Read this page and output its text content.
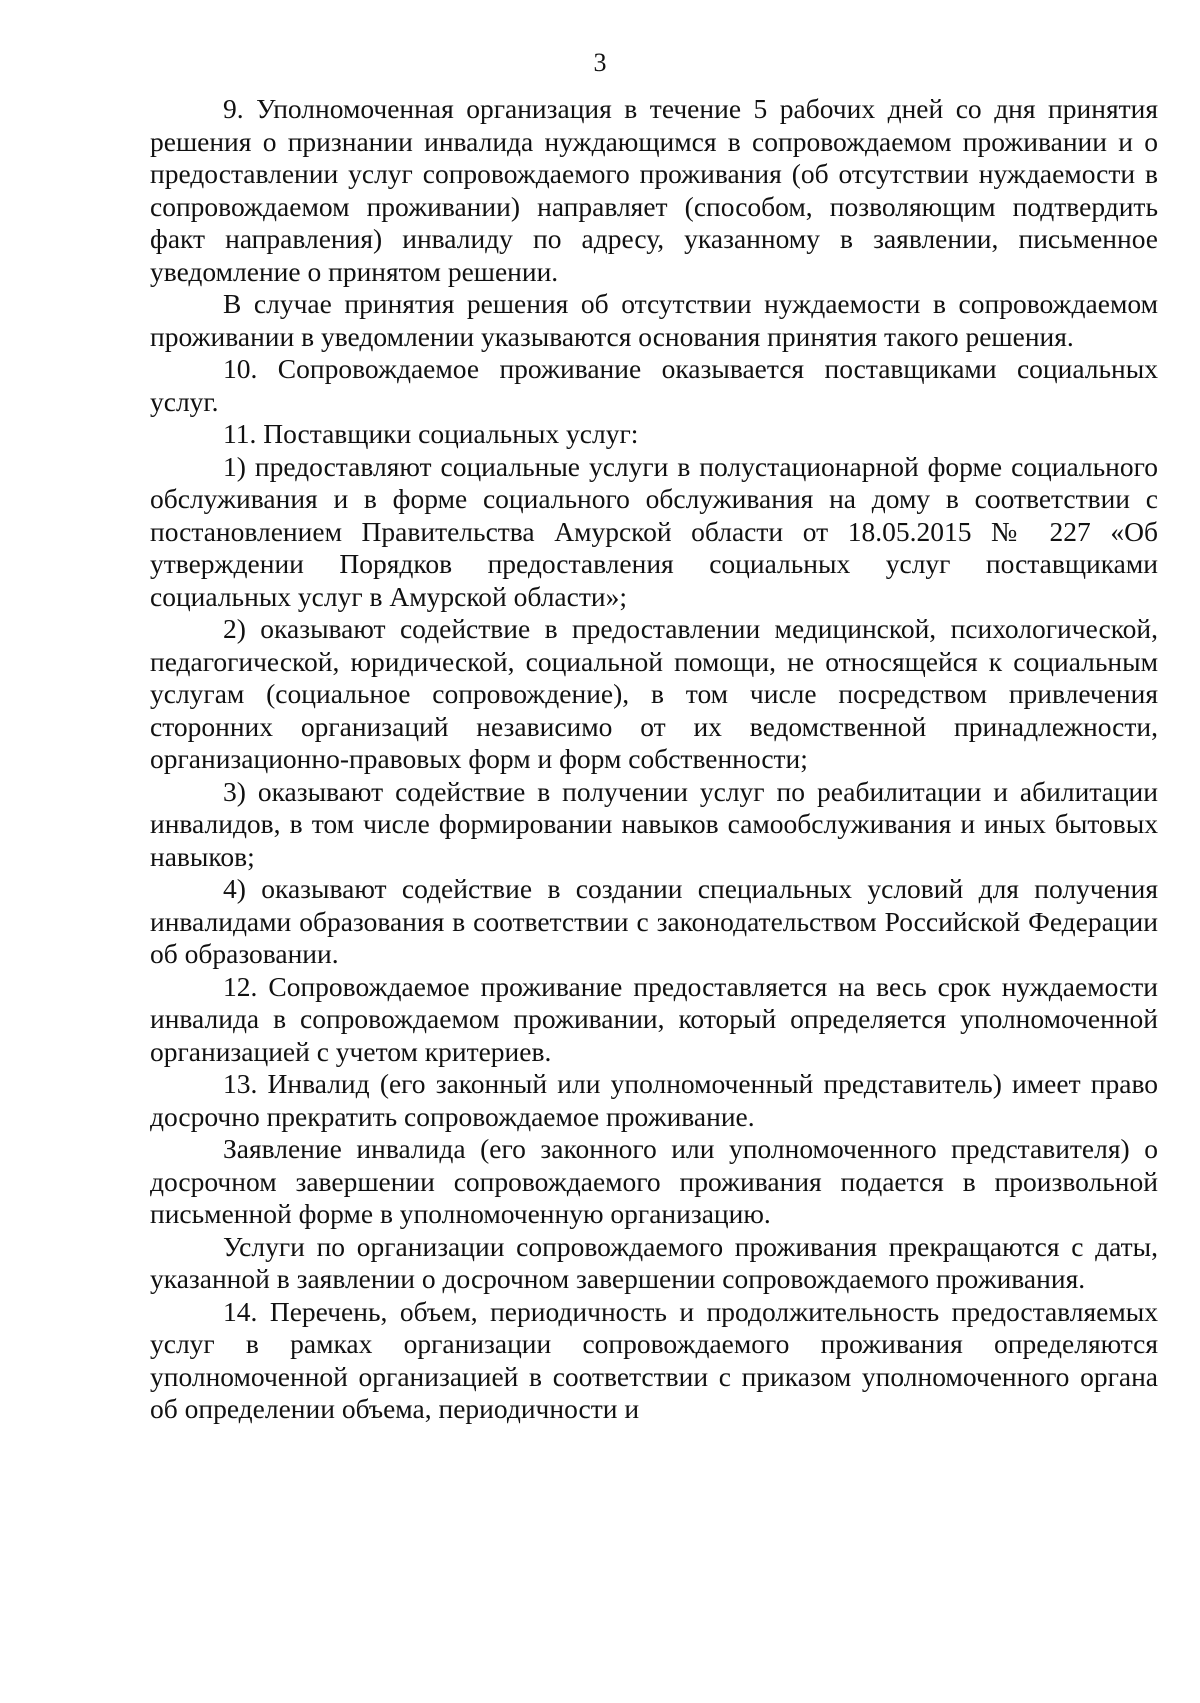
3

9. Уполномоченная организация в течение 5 рабочих дней со дня принятия решения о признании инвалида нуждающимся в сопровождаемом проживании и о предоставлении услуг сопровождаемого проживания (об отсутствии нуждаемости в сопровождаемом проживании) направляет (способом, позволяющим подтвердить факт направления) инвалиду по адресу, указанному в заявлении, письменное уведомление о принятом решении.

В случае принятия решения об отсутствии нуждаемости в сопровождаемом проживании в уведомлении указываются основания принятия такого решения.

10. Сопровождаемое проживание оказывается поставщиками социальных услуг.

11. Поставщики социальных услуг:

1) предоставляют социальные услуги в полустационарной форме социального обслуживания и в форме социального обслуживания на дому в соответствии с постановлением Правительства Амурской области от 18.05.2015 № 227 «Об утверждении Порядков предоставления социальных услуг поставщиками социальных услуг в Амурской области»;

2) оказывают содействие в предоставлении медицинской, психологической, педагогической, юридической, социальной помощи, не относящейся к социальным услугам (социальное сопровождение), в том числе посредством привлечения сторонних организаций независимо от их ведомственной принадлежности, организационно-правовых форм и форм собственности;

3) оказывают содействие в получении услуг по реабилитации и абилитации инвалидов, в том числе формировании навыков самообслуживания и иных бытовых навыков;

4) оказывают содействие в создании специальных условий для получения инвалидами образования в соответствии с законодательством Российской Федерации об образовании.

12. Сопровождаемое проживание предоставляется на весь срок нуждаемости инвалида в сопровождаемом проживании, который определяется уполномоченной организацией с учетом критериев.

13. Инвалид (его законный или уполномоченный представитель) имеет право досрочно прекратить сопровождаемое проживание.

Заявление инвалида (его законного или уполномоченного представителя) о досрочном завершении сопровождаемого проживания подается в произвольной письменной форме в уполномоченную организацию.

Услуги по организации сопровождаемого проживания прекращаются с даты, указанной в заявлении о досрочном завершении сопровождаемого проживания.

14. Перечень, объем, периодичность и продолжительность предоставляемых услуг в рамках организации сопровождаемого проживания определяются уполномоченной организацией в соответствии с приказом уполномоченного органа об определении объема, периодичности и
